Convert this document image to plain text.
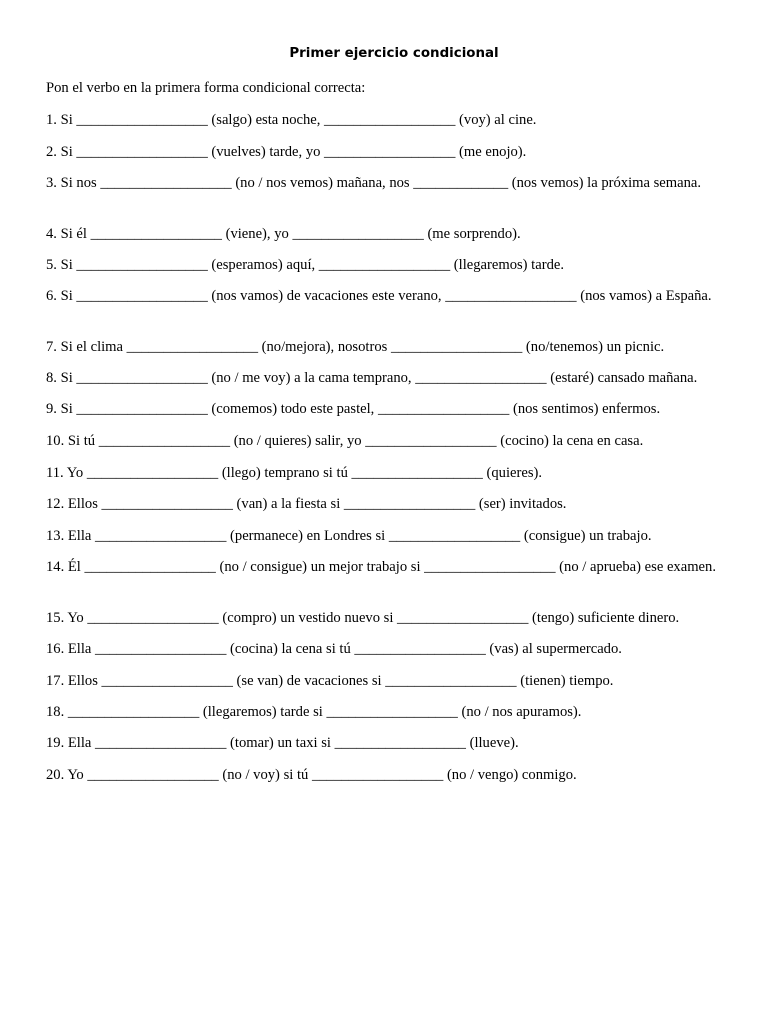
Primer ejercicio condicional
Pon el verbo en la primera forma condicional correcta:
1. Si __________________ (salgo) esta noche, __________________ (voy) al cine.
2. Si __________________ (vuelves) tarde, yo __________________ (me enojo).
3. Si nos __________________ (no / nos vemos) mañana, nos _____________ (nos vemos) la próxima semana.
4. Si él __________________ (viene), yo __________________ (me sorprendo).
5. Si __________________ (esperamos) aquí, __________________ (llegaremos) tarde.
6. Si __________________ (nos vamos) de vacaciones este verano, __________________ (nos vamos) a España.
7. Si el clima __________________ (no/mejora), nosotros __________________ (no/tenemos) un picnic.
8. Si __________________ (no / me voy) a la cama temprano, __________________ (estaré) cansado mañana.
9. Si __________________ (comemos) todo este pastel, __________________ (nos sentimos) enfermos.
10. Si tú __________________ (no / quieres) salir, yo __________________ (cocino) la cena en casa.
11. Yo __________________ (llego) temprano si tú __________________ (quieres).
12. Ellos __________________ (van) a la fiesta si __________________ (ser) invitados.
13. Ella __________________ (permanece) en Londres si __________________ (consigue) un trabajo.
14. Él __________________ (no / consigue) un mejor trabajo si __________________ (no / aprueba) ese examen.
15. Yo __________________ (compro) un vestido nuevo si __________________ (tengo) suficiente dinero.
16. Ella __________________ (cocina) la cena si tú __________________ (vas) al supermercado.
17. Ellos __________________ (se van) de vacaciones si __________________ (tienen) tiempo.
18. __________________ (llegaremos) tarde si __________________ (no / nos apuramos).
19. Ella __________________ (tomar) un taxi si __________________ (llueve).
20. Yo __________________ (no / voy) si tú __________________ (no / vengo) conmigo.
